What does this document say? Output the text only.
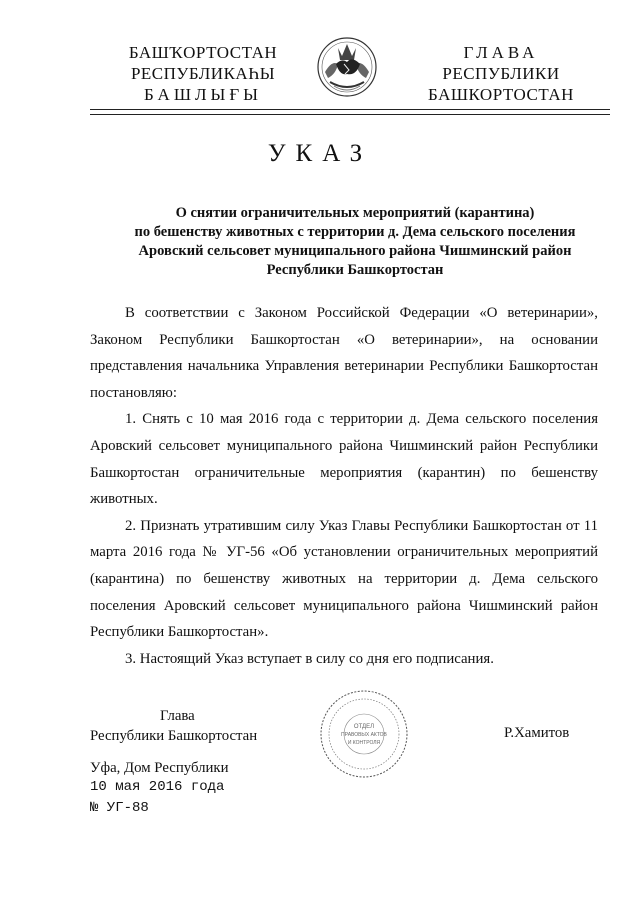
БАШҠОРТОСТАН
РЕСПУБЛИКАҺЫ
БАШЛЫҒЫ
ГЛАВА
РЕСПУБЛИКИ
БАШКОРТОСТАН
УКАЗ
О снятии ограничительных мероприятий (карантина)
по бешенству животных с территории д. Дема сельского поселения
Аровский сельсовет муниципального района Чишминский район
Республики Башкортостан

В соответствии с Законом Российской Федерации «О ветеринарии», Законом Республики Башкортостан «О ветеринарии», на основании представления начальника Управления ветеринарии Республики Башкортостан постановляю:

1. Снять с 10 мая 2016 года с территории д. Дема сельского поселения Аровский сельсовет муниципального района Чишминский район Республики Башкортостан ограничительные мероприятия (карантин) по бешенству животных.

2. Признать утратившим силу Указ Главы Республики Башкортостан от 11 марта 2016 года № УГ-56 «Об установлении ограничительных мероприятий (карантина) по бешенству животных на территории д. Дема сельского поселения Аровский сельсовет муниципального района Чишминский район Республики Башкортостан».

3. Настоящий Указ вступает в силу со дня его подписания.

Глава
Республики Башкортостан
ОТДЕЛ
ПРАВОВЫХ АКТОВ
И КОНТРОЛЯ
Р.Хамитов
Уфа, Дом Республики
10 мая 2016 года
№ УГ-88
